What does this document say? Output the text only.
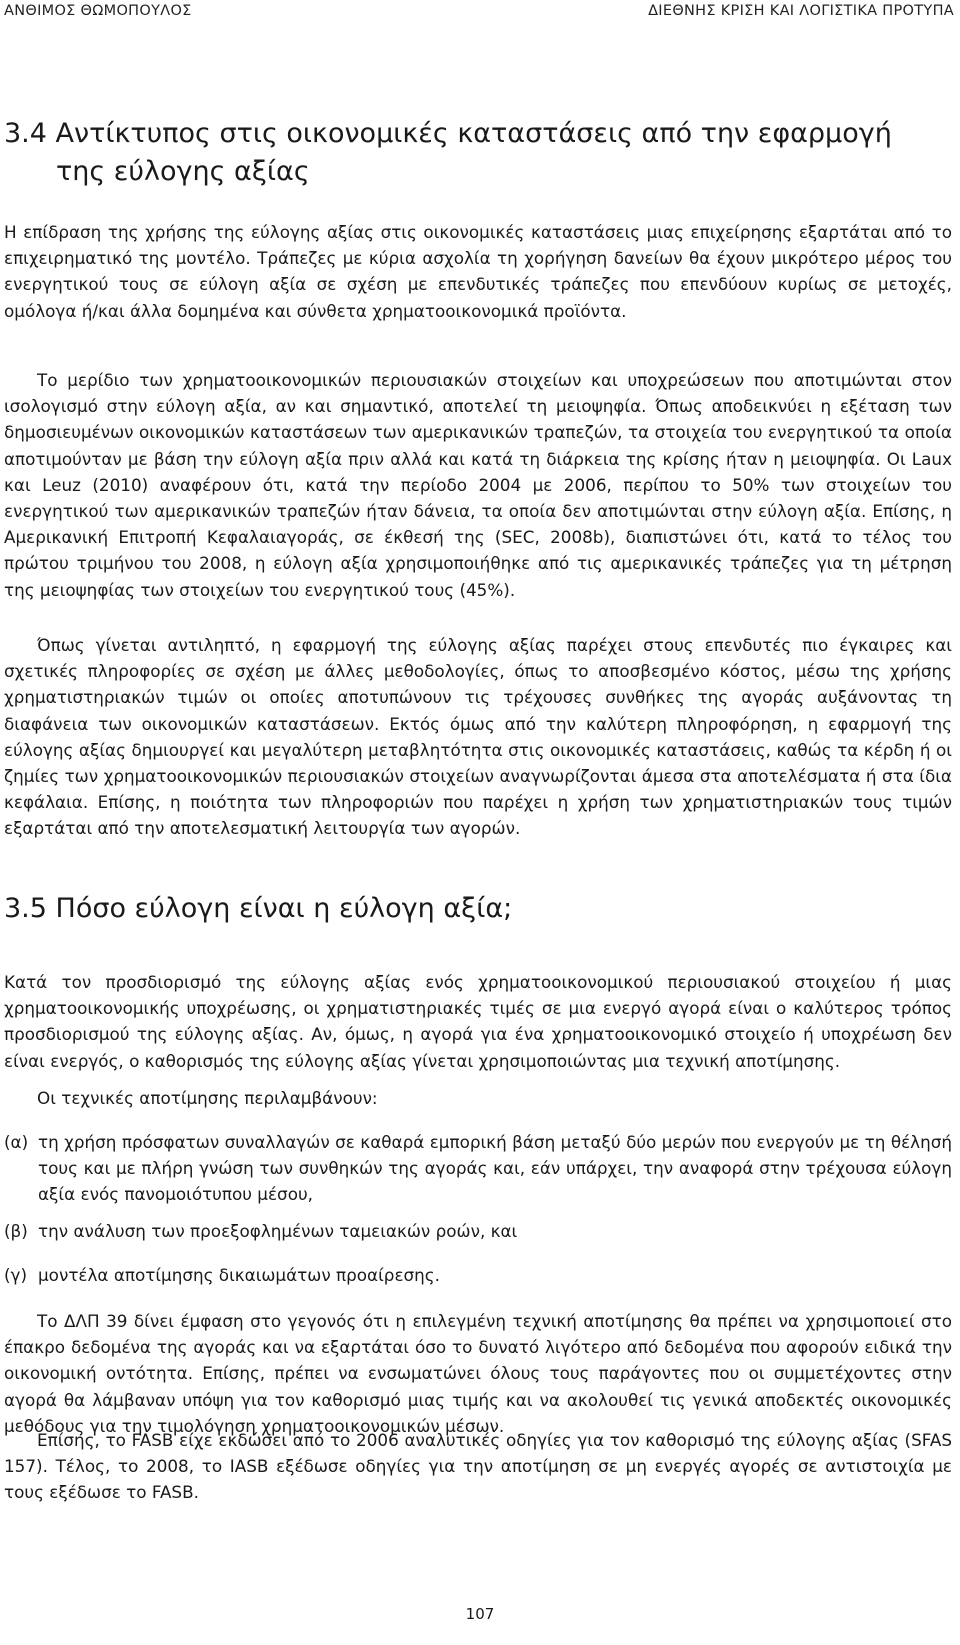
ΑΝΘΙΜΟΣ ΘΩΜΟΠΟΥΛΟΣ	ΔΙΕΘΝΗΣ ΚΡΙΣΗ ΚΑΙ ΛΟΓΙΣΤΙΚΑ ΠΡΟΤΥΠΑ
3.4 Αντίκτυπος στις οικονομικές καταστάσεις από την εφαρμογή
της εύλογης αξίας

Η επίδραση της χρήσης της εύλογης αξίας στις οικονομικές καταστάσεις μιας επιχείρησης εξαρτάται από το επιχειρηματικό της μοντέλο. Τράπεζες με κύρια ασχολία τη χορήγηση δανείων θα έχουν μικρότερο μέρος του ενεργητικού τους σε εύλογη αξία σε σχέση με επενδυτικές τράπεζες που επενδύουν κυρίως σε μετοχές, ομόλογα ή/και άλλα δομημένα και σύνθετα χρηματοοικονομικά προϊόντα.

Το μερίδιο των χρηματοοικονομικών περιουσιακών στοιχείων και υποχρεώσεων που αποτιμώνται στον ισολογισμό στην εύλογη αξία, αν και σημαντικό, αποτελεί τη μειοψηφία. Όπως αποδεικνύει η εξέταση των δημοσιευμένων οικονομικών καταστάσεων των αμερικανικών τραπεζών, τα στοιχεία του ενεργητικού τα οποία αποτιμούνταν με βάση την εύλογη αξία πριν αλλά και κατά τη διάρκεια της κρίσης ήταν η μειοψηφία. Οι Laux και Leuz (2010) αναφέρουν ότι, κατά την περίοδο 2004 με 2006, περίπου το 50% των στοιχείων του ενεργητικού των αμερικανικών τραπεζών ήταν δάνεια, τα οποία δεν αποτιμώνται στην εύλογη αξία. Επίσης, η Αμερικανική Επιτροπή Κεφαλαιαγοράς, σε έκθεσή της (SEC, 2008b), διαπιστώνει ότι, κατά το τέλος του πρώτου τριμήνου του 2008, η εύλογη αξία χρησιμοποιήθηκε από τις αμερικανικές τράπεζες για τη μέτρηση της μειοψηφίας των στοιχείων του ενεργητικού τους (45%).

Όπως γίνεται αντιληπτό, η εφαρμογή της εύλογης αξίας παρέχει στους επενδυτές πιο έγκαιρες και σχετικές πληροφορίες σε σχέση με άλλες μεθοδολογίες, όπως το αποσβεσμένο κόστος, μέσω της χρήσης χρηματιστηριακών τιμών οι οποίες αποτυπώνουν τις τρέχουσες συνθήκες της αγοράς αυξάνοντας τη διαφάνεια των οικονομικών καταστάσεων. Εκτός όμως από την καλύτερη πληροφόρηση, η εφαρμογή της εύλογης αξίας δημιουργεί και μεγαλύτερη μεταβλητότητα στις οικονομικές καταστάσεις, καθώς τα κέρδη ή οι ζημίες των χρηματοοικονομικών περιουσιακών στοιχείων αναγνωρίζονται άμεσα στα αποτελέσματα ή στα ίδια κεφάλαια. Επίσης, η ποιότητα των πληροφοριών που παρέχει η χρήση των χρηματιστηριακών τους τιμών εξαρτάται από την αποτελεσματική λειτουργία των αγορών.

3.5 Πόσο εύλογη είναι η εύλογη αξία;

Κατά τον προσδιορισμό της εύλογης αξίας ενός χρηματοοικονομικού περιουσιακού στοιχείου ή μιας χρηματοοικονομικής υποχρέωσης, οι χρηματιστηριακές τιμές σε μια ενεργό αγορά είναι ο καλύτερος τρόπος προσδιορισμού της εύλογης αξίας. Αν, όμως, η αγορά για ένα χρηματοοικονομικό στοιχείο ή υποχρέωση δεν είναι ενεργός, ο καθορισμός της εύλογης αξίας γίνεται χρησιμοποιώντας μια τεχνική αποτίμησης.

Οι τεχνικές αποτίμησης περιλαμβάνουν:

(α) τη χρήση πρόσφατων συναλλαγών σε καθαρά εμπορική βάση μεταξύ δύο μερών που ενεργούν με τη θέλησή τους και με πλήρη γνώση των συνθηκών της αγοράς και, εάν υπάρχει, την αναφορά στην τρέχουσα εύλογη αξία ενός πανομοιότυπου μέσου,
(β) την ανάλυση των προεξοφλημένων ταμειακών ροών, και
(γ) μοντέλα αποτίμησης δικαιωμάτων προαίρεσης.

Το ΔΛΠ 39 δίνει έμφαση στο γεγονός ότι η επιλεγμένη τεχνική αποτίμησης θα πρέπει να χρησιμοποιεί στο έπακρο δεδομένα της αγοράς και να εξαρτάται όσο το δυνατό λιγότερο από δεδομένα που αφορούν ειδικά την οικονομική οντότητα. Επίσης, πρέπει να ενσωματώνει όλους τους παράγοντες που οι συμμετέχοντες στην αγορά θα λάμβαναν υπόψη για τον καθορισμό μιας τιμής και να ακολουθεί τις γενικά αποδεκτές οικονομικές μεθόδους για την τιμολόγηση χρηματοοικονομικών μέσων.

Επίσης, το FASB είχε εκδώσει από το 2006 αναλυτικές οδηγίες για τον καθορισμό της εύλογης αξίας (SFAS 157). Τέλος, το 2008, το IASB εξέδωσε οδηγίες για την αποτίμηση σε μη ενεργές αγορές σε αντιστοιχία με τους εξέδωσε το FASB.

107
